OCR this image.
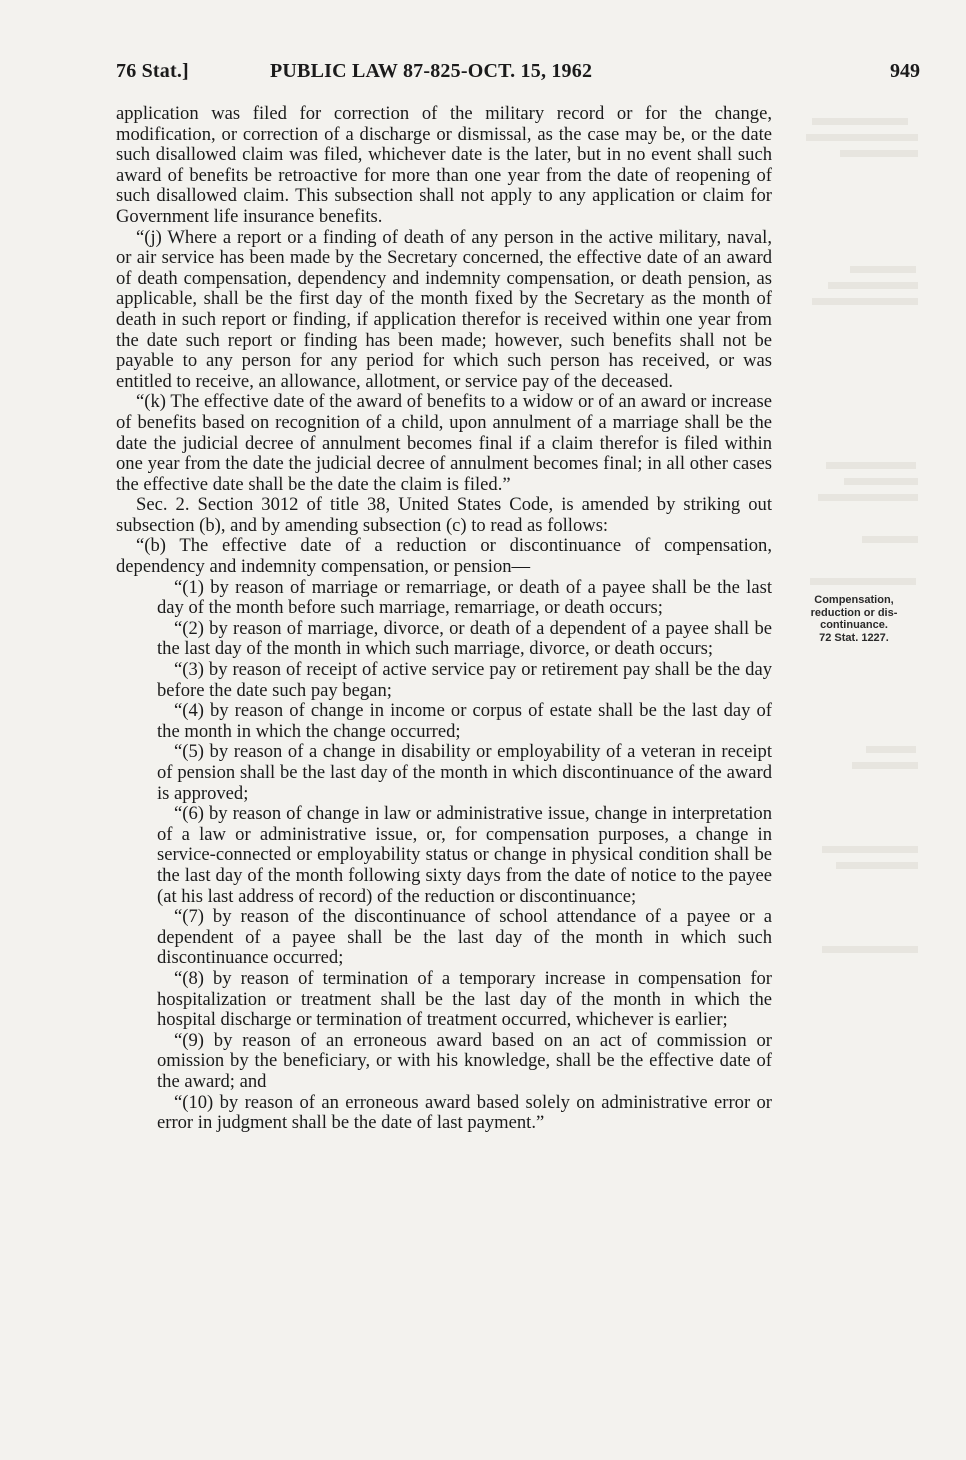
76 Stat.]	PUBLIC LAW 87-825-OCT. 15, 1962	949

application was filed for correction of the military record or for the change, modification, or correction of a discharge or dismissal, as the case may be, or the date such disallowed claim was filed, whichever date is the later, but in no event shall such award of benefits be retroactive for more than one year from the date of reopening of such disallowed claim. This subsection shall not apply to any application or claim for Government life insurance benefits.

“(j) Where a report or a finding of death of any person in the active military, naval, or air service has been made by the Secretary concerned, the effective date of an award of death compensation, dependency and indemnity compensation, or death pension, as applicable, shall be the first day of the month fixed by the Secretary as the month of death in such report or finding, if application therefor is received within one year from the date such report or finding has been made; however, such benefits shall not be payable to any person for any period for which such person has received, or was entitled to receive, an allowance, allotment, or service pay of the deceased.

“(k) The effective date of the award of benefits to a widow or of an award or increase of benefits based on recognition of a child, upon annulment of a marriage shall be the date the judicial decree of annulment becomes final if a claim therefor is filed within one year from the date the judicial decree of annulment becomes final; in all other cases the effective date shall be the date the claim is filed.”

Sec. 2. Section 3012 of title 38, United States Code, is amended by striking out subsection (b), and by amending subsection (c) to read as follows:

“(b) The effective date of a reduction or discontinuance of compensation, dependency and indemnity compensation, or pension—

“(1) by reason of marriage or remarriage, or death of a payee shall be the last day of the month before such marriage, remarriage, or death occurs;

“(2) by reason of marriage, divorce, or death of a dependent of a payee shall be the last day of the month in which such marriage, divorce, or death occurs;

“(3) by reason of receipt of active service pay or retirement pay shall be the day before the date such pay began;

“(4) by reason of change in income or corpus of estate shall be the last day of the month in which the change occurred;

“(5) by reason of a change in disability or employability of a veteran in receipt of pension shall be the last day of the month in which discontinuance of the award is approved;

“(6) by reason of change in law or administrative issue, change in interpretation of a law or administrative issue, or, for compensation purposes, a change in service-connected or employability status or change in physical condition shall be the last day of the month following sixty days from the date of notice to the payee (at his last address of record) of the reduction or discontinuance;

“(7) by reason of the discontinuance of school attendance of a payee or a dependent of a payee shall be the last day of the month in which such discontinuance occurred;

“(8) by reason of termination of a temporary increase in compensation for hospitalization or treatment shall be the last day of the month in which the hospital discharge or termination of treatment occurred, whichever is earlier;

“(9) by reason of an erroneous award based on an act of commission or omission by the beneficiary, or with his knowledge, shall be the effective date of the award; and

“(10) by reason of an erroneous award based solely on administrative error or error in judgment shall be the date of last payment.”

Compensation,
reduction or dis-
continuance.
72 Stat. 1227.
